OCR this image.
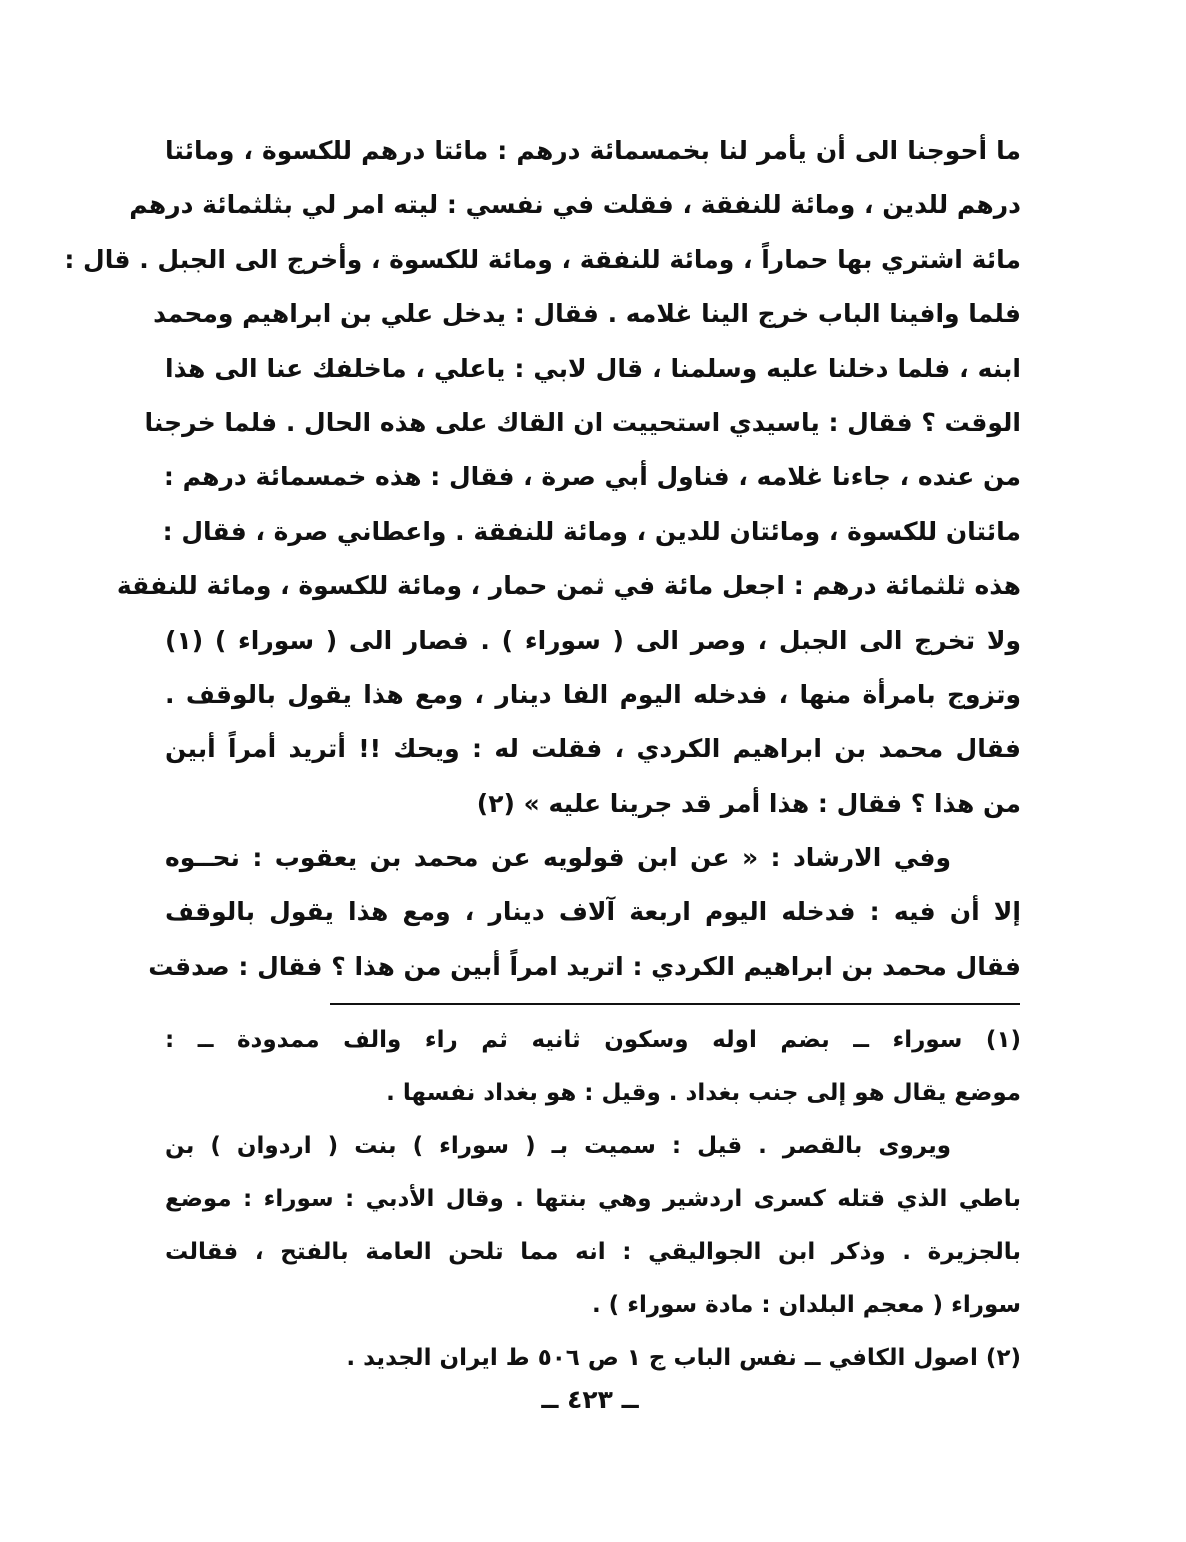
ما أحوجنا الى أن يأمر لنا بخمسمائة درهم : مائتا درهم للكسوة ، ومائتا
درهم للدين ، ومائة للنفقة ، فقلت في نفسي : ليته امر لي بثلثمائة درهم
مائة اشتري بها حماراً ، ومائة للنفقة ، ومائة للكسوة ، وأخرج الى الجبل . قال :
فلما وافينا الباب خرج الينا غلامه . فقال : يدخل علي بن ابراهيم ومحمد
ابنه ، فلما دخلنا عليه وسلمنا ، قال لابي : ياعلي ، ماخلفك عنا الى هذا
الوقت ؟ فقال : ياسيدي استحييت ان القاك على هذه الحال . فلما خرجنا
من عنده ، جاءنا غلامه ، فناول أبي صرة ، فقال : هذه خمسمائة درهم :
مائتان للكسوة ، ومائتان للدين ، ومائة للنفقة . واعطاني صرة ، فقال :
هذه ثلثمائة درهم : اجعل مائة في ثمن حمار ، ومائة للكسوة ، ومائة للنفقة
ولا تخرج الى الجبل ، وصر الى ( سوراء ) . فصار الى ( سوراء ) (١)
وتزوج بامرأة منها ، فدخله اليوم الفا دينار ، ومع هذا يقول بالوقف .
فقال محمد بن ابراهيم الكردي ، فقلت له : ويحك !! أتريد أمراً أبين
من هذا ؟ فقال : هذا أمر قد جرينا عليه » (٢)
وفي الارشاد : « عن ابن قولويه عن محمد بن يعقوب : نحــوه
إلا أن فيه : فدخله اليوم اربعة آلاف دينار ، ومع هذا يقول بالوقف
فقال محمد بن ابراهيم الكردي : اتريد امراً أبين من هذا ؟ فقال : صدقت
(١) سوراء ــ بضم اوله وسكون ثانيه ثم راء والف ممدودة ــ :
موضع يقال هو إلى جنب بغداد . وقيل : هو بغداد نفسها .
ويروى بالقصر . قيل : سميت بـ ( سوراء ) بنت ( اردوان ) بن
باطي الذي قتله كسرى اردشير وهي بنتها . وقال الأدبي : سوراء : موضع
بالجزيرة . وذكر ابن الجواليقي : انه مما تلحن العامة بالفتح ، فقالت
سوراء ( معجم البلدان : مادة سوراء ) .
(٢) اصول الكافي ــ نفس الباب ج ١ ص ٥٠٦ ط ايران الجديد .
ــ ٤٢٣ ــ
